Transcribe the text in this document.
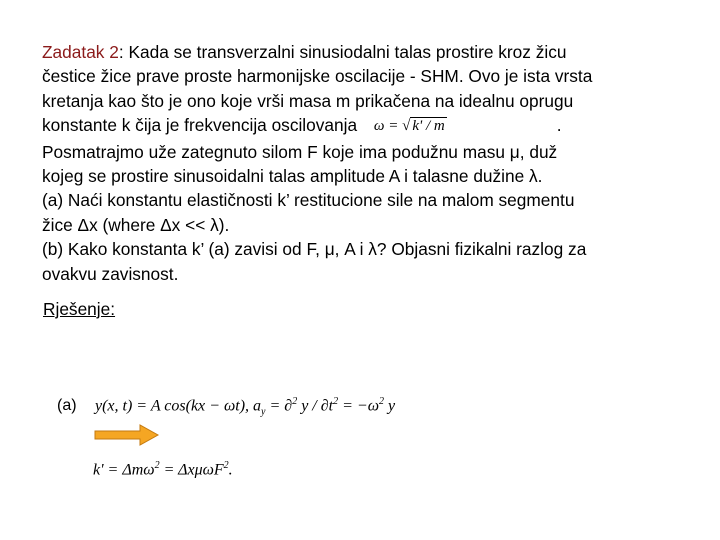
Zadatak 2: Kada se transverzalni sinusiodalni talas prostire kroz žicu
čestice žice prave proste harmonijske oscilacije - SHM. Ovo je ista vrsta
kretanja kao što je ono koje vrši masa m prikačena na idealnu oprugu
konstante k čija je frekvencija oscilovanja ω = √ k' / m	.
Posmatrajmo uže zategnuto silom F koje ima podužnu masu μ, duž
kojeg se prostire sinusoidalni talas amplitude A i talasne dužine λ.
(a) Naći konstantu elastičnosti k’ restitucione sile na malom segmentu
žice Δx (where Δx << λ).
(b) Kako konstanta k’ (a) zavisi od F, μ, A i λ? Objasni fizikalni razlog za
ovakvu zavisnost.
Rješenje:
(a) y(x, t) = A cos(kx − ωt), $a_y = \partial^2$ $y / \partial t^2 = -\omega^2$ y
k' = Δmω$^2$ = ΔxμωF$^2$.
